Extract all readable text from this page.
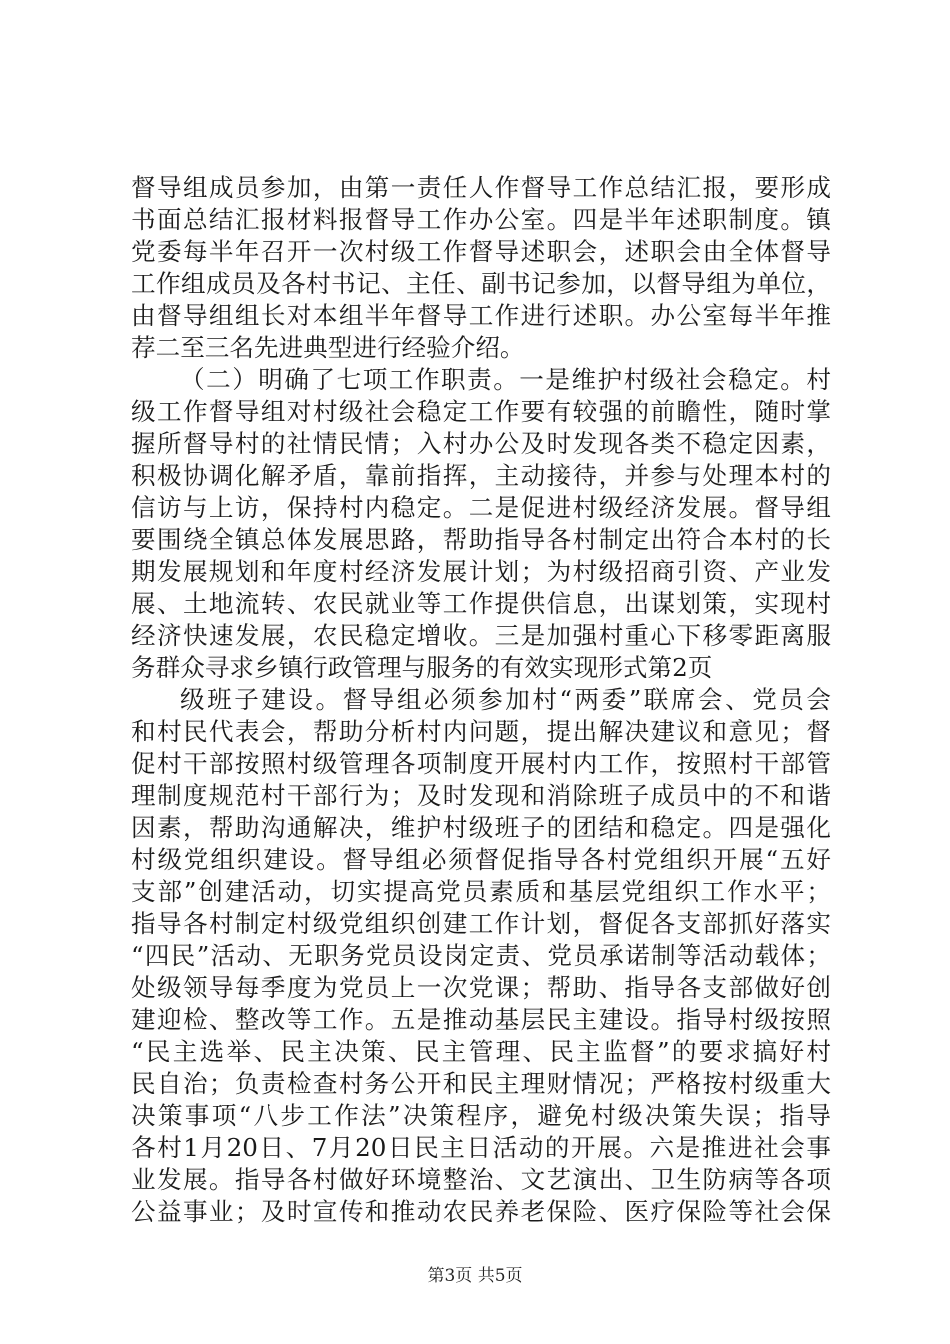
督导组成员参加，由第一责任人作督导工作总结汇报，要形成
书面总结汇报材料报督导工作办公室。四是半年述职制度。镇
党委每半年召开一次村级工作督导述职会，述职会由全体督导
工作组成员及各村书记、主任、副书记参加，以督导组为单位，
由督导组组长对本组半年督导工作进行述职。办公室每半年推
荐二至三名先进典型进行经验介绍。
（二）明确了七项工作职责。一是维护村级社会稳定。村
级工作督导组对村级社会稳定工作要有较强的前瞻性，随时掌
握所督导村的社情民情；入村办公及时发现各类不稳定因素，
积极协调化解矛盾，靠前指挥，主动接待，并参与处理本村的
信访与上访，保持村内稳定。二是促进村级经济发展。督导组
要围绕全镇总体发展思路，帮助指导各村制定出符合本村的长
期发展规划和年度村经济发展计划；为村级招商引资、产业发
展、土地流转、农民就业等工作提供信息，出谋划策，实现村
经济快速发展，农民稳定增收。三是加强村重心下移零距离服
务群众寻求乡镇行政管理与服务的有效实现形式第2页
级班子建设。督导组必须参加村“两委”联席会、党员会
和村民代表会，帮助分析村内问题，提出解决建议和意见；督
促村干部按照村级管理各项制度开展村内工作，按照村干部管
理制度规范村干部行为；及时发现和消除班子成员中的不和谐
因素，帮助沟通解决，维护村级班子的团结和稳定。四是强化
村级党组织建设。督导组必须督促指导各村党组织开展“五好
支部”创建活动，切实提高党员素质和基层党组织工作水平；
指导各村制定村级党组织创建工作计划，督促各支部抓好落实
“四民”活动、无职务党员设岗定责、党员承诺制等活动载体；
处级领导每季度为党员上一次党课；帮助、指导各支部做好创
建迎检、整改等工作。五是推动基层民主建设。指导村级按照
“民主选举、民主决策、民主管理、民主监督”的要求搞好村
民自治；负责检查村务公开和民主理财情况；严格按村级重大
决策事项“八步工作法”决策程序，避免村级决策失误；指导
各村1月20日、7月20日民主日活动的开展。六是推进社会事
业发展。指导各村做好环境整治、文艺演出、卫生防病等各项
公益事业；及时宣传和推动农民养老保险、医疗保险等社会保
第3页 共5页
